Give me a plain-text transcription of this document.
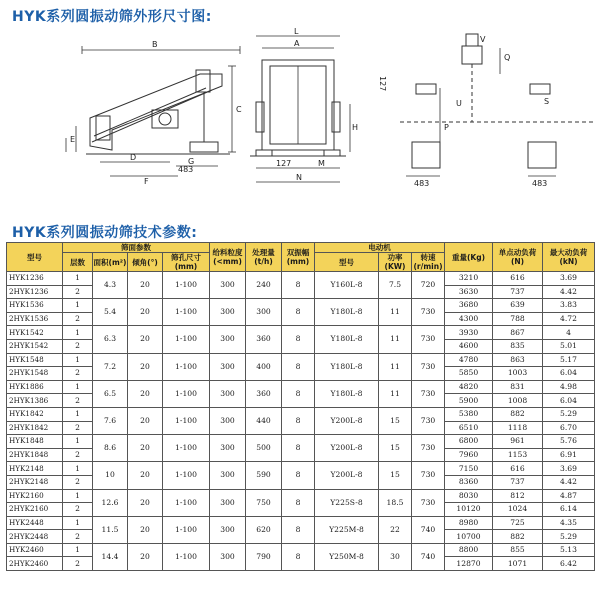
HYK系列圆振动筛外形尺寸图:
B
C
E
D
F
G
483
L
A
H
127	M
N
127
P
Q
S
U
V
483	483
HYK系列圆振动筛技术参数:
型号	筛面参数				给料粒度(<mm)	处理量(t/h)	双振幅(mm)	电动机			重量(Kg)	单点动负荷(N)	最大动负荷(kN)
	层数	面积(m²)	倾角(°)	筛孔尺寸(mm)				型号	功率(KW)	转速(r/min)			
HYK1236	1	4.3	20	1-100	300	240	8	Y160L-8	7.5	720	3210	616	3.69
2HYK1236	2										3630	737	4.42
HYK1536	1	5.4	20	1-100	300	300	8	Y180L-8	11	730	3680	639	3.83
2HYK1536	2										4300	788	4.72
HYK1542	1	6.3	20	1-100	300	360	8	Y180L-8	11	730	3930	867	4
2HYK1542	2										4600	835	5.01
HYK1548	1	7.2	20	1-100	300	400	8	Y180L-8	11	730	4780	863	5.17
2HYK1548	2										5850	1003	6.04
HYK1886	1	6.5	20	1-100	300	360	8	Y180L-8	11	730	4820	831	4.98
2HYK1386	2										5900	1008	6.04
HYK1842	1	7.6	20	1-100	300	440	8	Y200L-8	15	730	5380	882	5.29
2HYK1842	2										6510	1118	6.70
HYK1848	1	8.6	20	1-100	300	500	8	Y200L-8	15	730	6800	961	5.76
2HYK1848	2										7960	1153	6.91
HYK2148	1	10	20	1-100	300	590	8	Y200L-8	15	730	7150	616	3.69
2HYK2148	2										8360	737	4.42
HYK2160	1	12.6	20	1-100	300	750	8	Y225S-8	18.5	730	8030	812	4.87
2HYK2160	2										10120	1024	6.14
HYK2448	1	11.5	20	1-100	300	620	8	Y225M-8	22	740	8980	725	4.35
2HYK2448	2										10700	882	5.29
HYK2460	1	14.4	20	1-100	300	790	8	Y250M-8	30	740	8800	855	5.13
2HYK2460	2										12870	1071	6.42
